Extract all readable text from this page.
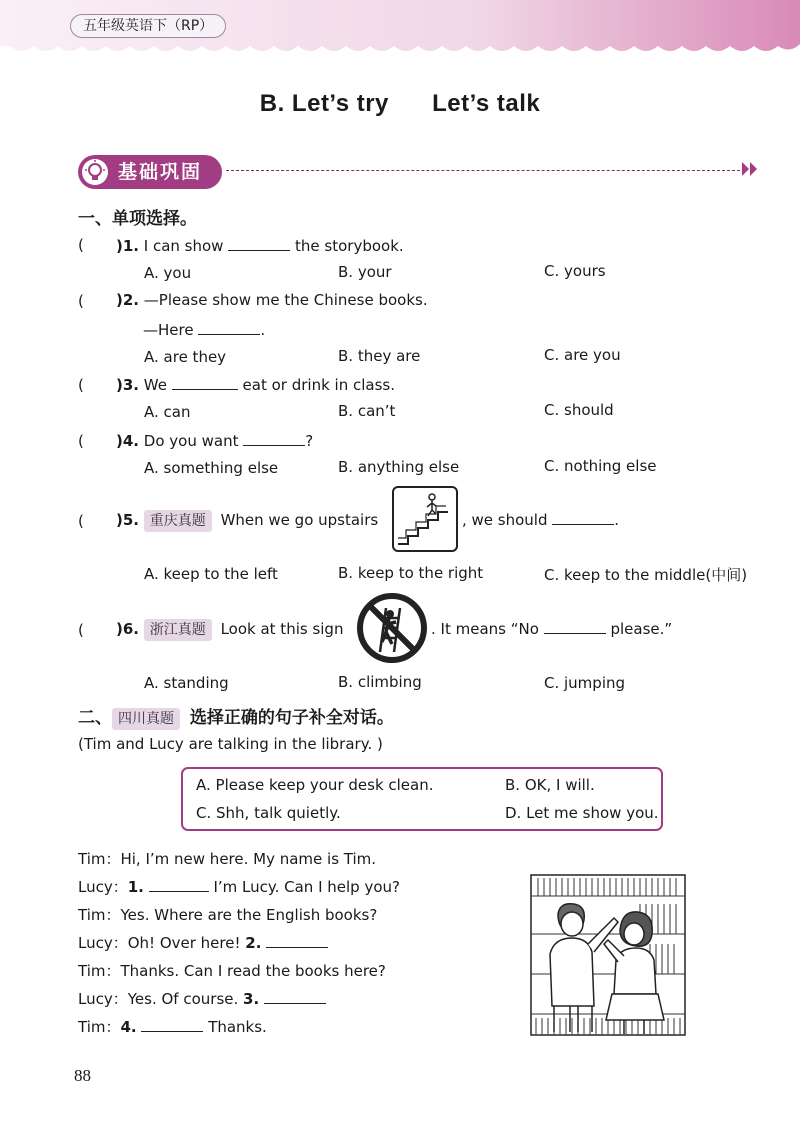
五年级英语下（RP）
B. Let’s try Let’s talk
基础巩固
一、单项选择。
( )1. I can show	the storybook.
A. you	B. your	C. yours
( )2. —Please show me the Chinese books.
—Here	.
A. are they	B. they are	C. are you
( )3. We	eat or drink in class.
A. can	B. can’t	C. should
( )4. Do you want	?
A. something else	B. anything else	C. nothing else
( )5. 重庆真题 When we go upstairs	, we should	.
A. keep to the left	B. keep to the right	C. keep to the middle(中间)
( )6. 浙江真题 Look at this sign	. It means “No	please.”
A. standing	B. climbing	C. jumping
二、 四川真题 选择正确的句子补全对话。
(Tim and Lucy are talking in the library. )
A. Please keep your desk clean.	B. OK, I will.
C. Shh, talk quietly.	D. Let me show you.
Tim：Hi, I’m new here. My name is Tim.
Lucy：1.	I’m Lucy. Can I help you?
Tim：Yes. Where are the English books?
Lucy：Oh! Over here! 2.
Tim：Thanks. Can I read the books here?
Lucy：Yes. Of course. 3.
Tim：4.	Thanks.
88
